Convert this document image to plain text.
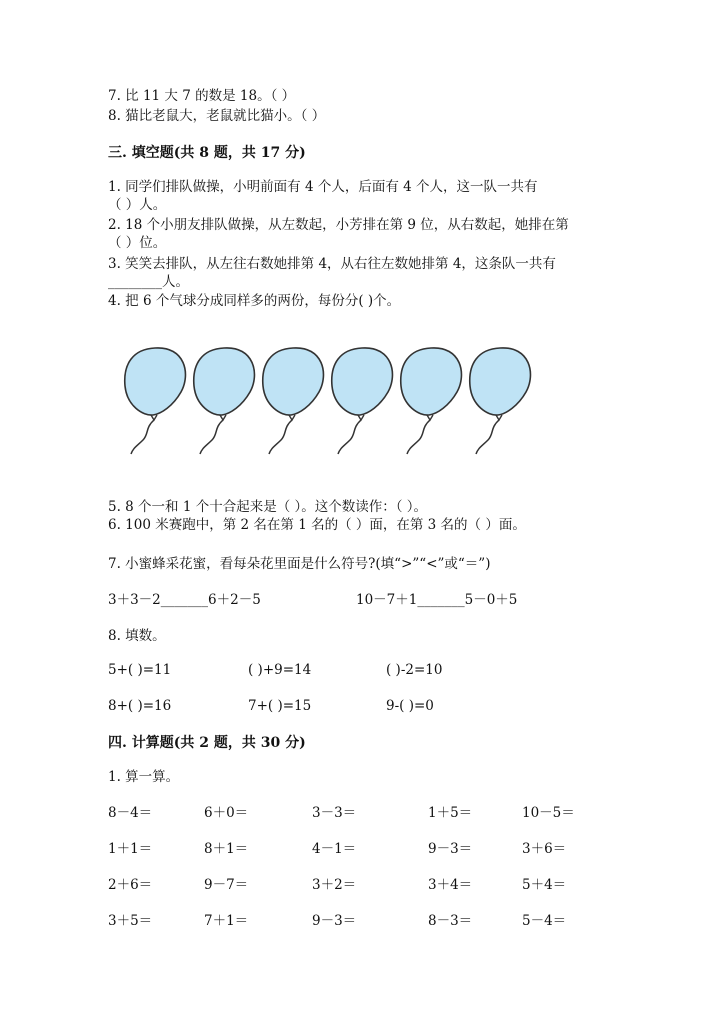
7. 比 11 大 7 的数是 18。（ ）
8. 猫比老鼠大，老鼠就比猫小。（ ）
三. 填空题(共 8 题，共 17 分)
1. 同学们排队做操，小明前面有 4 个人，后面有 4 个人，这一队一共有
（ ）人。
2. 18 个小朋友排队做操，从左数起，小芳排在第 9 位，从右数起，她排在第
（ ）位。
3. 笑笑去排队，从左往右数她排第 4，从右往左数她排第 4，这条队一共有
________人。
4. 把 6 个气球分成同样多的两份，每份分( )个。
5. 8 个一和 1 个十合起来是（ ）。这个数读作：（ ）。
6. 100 米赛跑中，第 2 名在第 1 名的（ ）面，在第 3 名的（ ）面。
7. 小蜜蜂采花蜜，看每朵花里面是什么符号?(填“>”“<”或“＝”)
3＋3－2_______6＋2－5	10－7＋1_______5－0＋5
8. 填数。
5+( )=11	( )+9=14	( )-2=10
8+( )=16	7+( )=15	9-( )=0
四. 计算题(共 2 题，共 30 分)
1. 算一算。
8－4＝	6＋0＝	3－3＝	1＋5＝	10－5＝
1＋1＝	8＋1＝	4－1＝	9－3＝	3＋6＝
2＋6＝	9－7＝	3＋2＝	3＋4＝	5＋4＝
3＋5＝	7＋1＝	9－3＝	8－3＝	5－4＝
